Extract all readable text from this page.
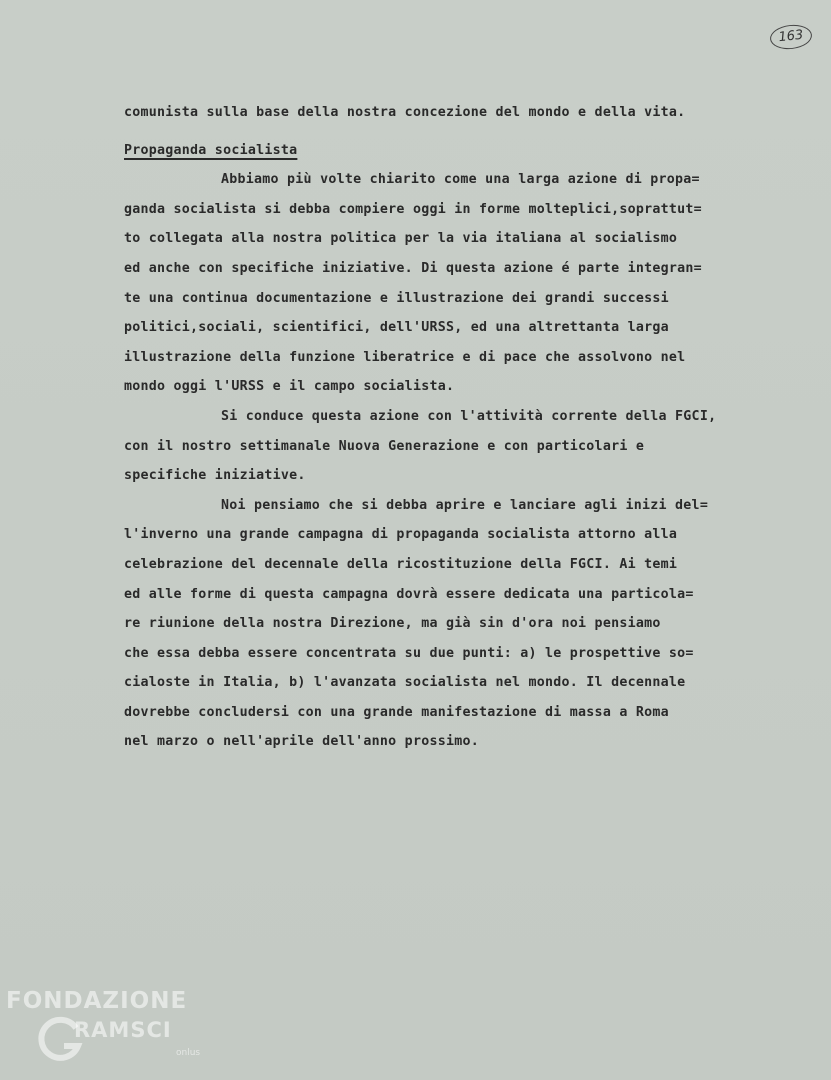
163
comunista sulla base della nostra concezione del mondo e della vita.
Propaganda socialista
Abbiamo più volte chiarito come una larga azione di propa=
ganda socialista si debba compiere oggi in forme molteplici,soprattut=
to collegata alla nostra politica per la via italiana al socialismo
ed anche con specifiche iniziative. Di questa azione é parte integran=
te una continua documentazione e illustrazione dei grandi successi
politici,sociali, scientifici, dell'URSS, ed una altrettanta larga
illustrazione della funzione liberatrice e di pace che assolvono nel
mondo oggi l'URSS e il campo socialista.
Si conduce questa azione con l'attività corrente della FGCI,
con il nostro settimanale Nuova Generazione e con particolari e
specifiche iniziative.
Noi pensiamo che si debba aprire e lanciare agli inizi del=
l'inverno una grande campagna di propaganda socialista attorno alla
celebrazione del decennale della ricostituzione della FGCI. Ai temi
ed alle forme di questa campagna dovrà essere dedicata una particola=
re riunione della nostra Direzione, ma già sin d'ora noi pensiamo
che essa debba essere concentrata su due punti: a) le prospettive so=
cialoste in Italia, b) l'avanzata socialista nel mondo. Il decennale
dovrebbe concludersi con una grande manifestazione di massa a Roma
nel marzo o nell'aprile dell'anno prossimo.
FONDAZIONE
RAMSCI
onlus
